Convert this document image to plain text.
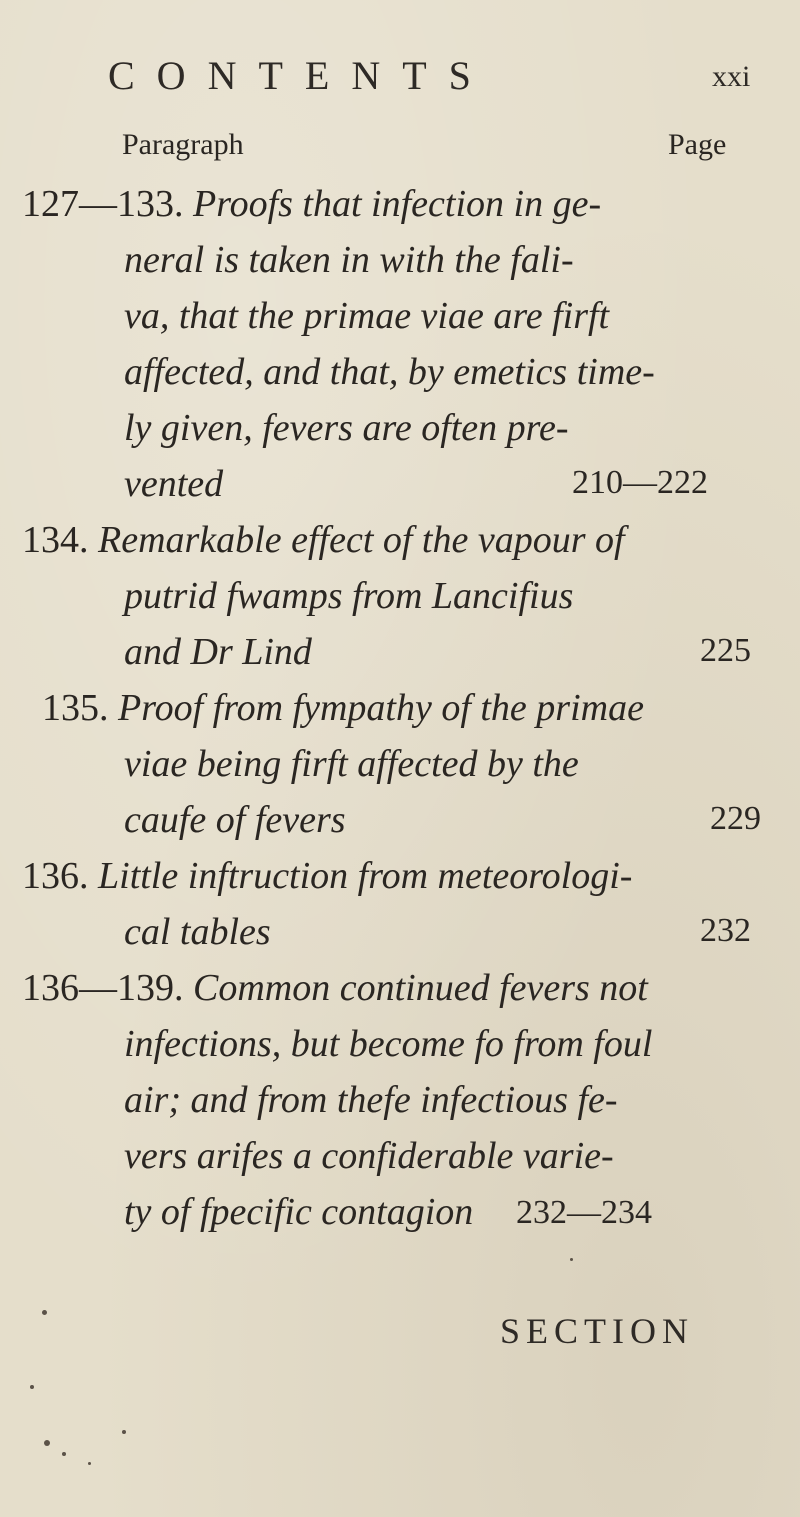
CONTENTS	xxi
Paragraph	Page
127—133. Proofs that infection in ge-
neral is taken in with the fali-
va, that the primae viae are firft
affected, and that, by emetics time-
ly given, fevers are often pre-
vented	210—222
134. Remarkable effect of the vapour of
putrid fwamps from Lancifius
and Dr Lind	225
135. Proof from fympathy of the primae
viae being firft affected by the
caufe of fevers	229
136. Little inftruction from meteorologi-
cal tables	232
136—139. Common continued fevers not
infections, but become fo from foul
air; and from thefe infectious fe-
vers arifes a confiderable varie-
ty of fpecific contagion 232—234
SECTION
